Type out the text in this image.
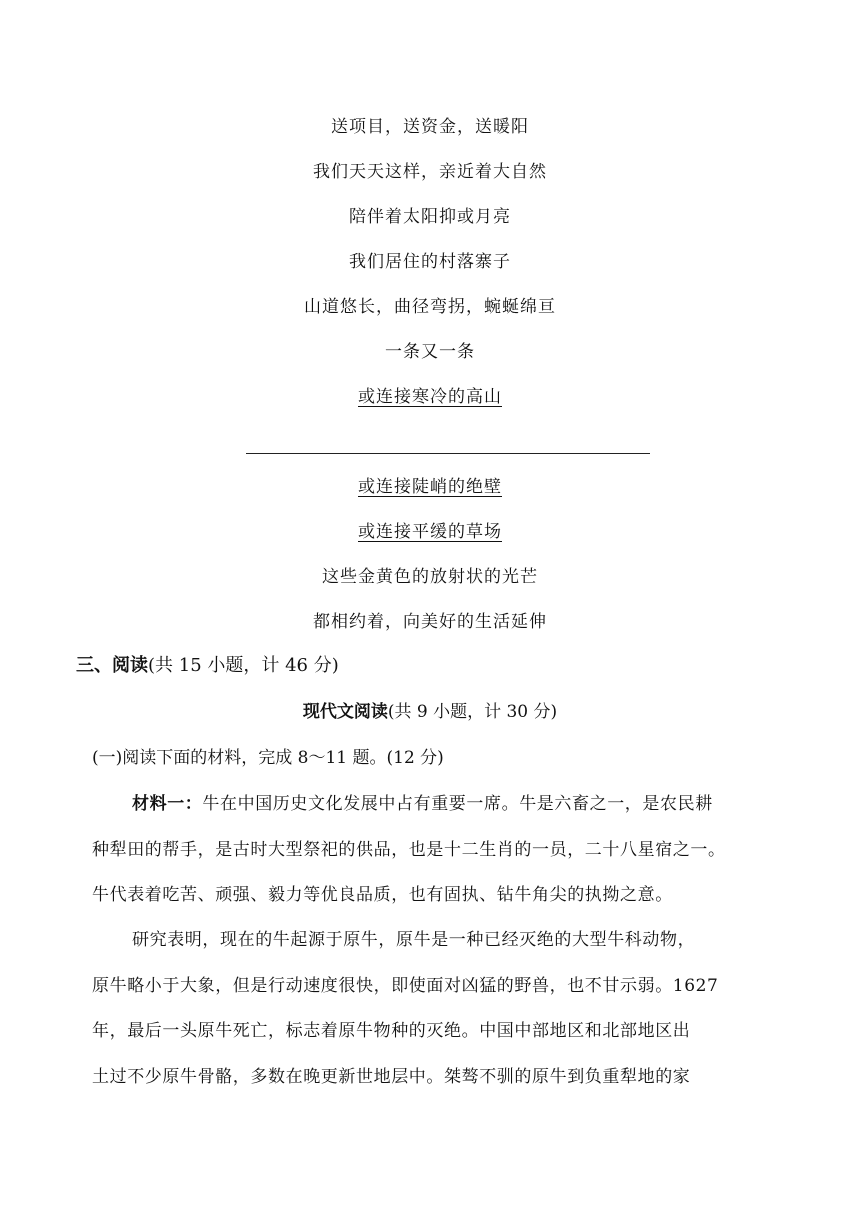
送项目，送资金，送暖阳
我们天天这样，亲近着大自然
陪伴着太阳抑或月亮
我们居住的村落寨子
山道悠长，曲径弯拐，蜿蜒绵亘
一条又一条
或连接寒冷的高山
或连接陡峭的绝壁
或连接平缓的草场
这些金黄色的放射状的光芒
都相约着，向美好的生活延伸
三、阅读(共 15 小题，计 46 分)
现代文阅读(共 9 小题，计 30 分)
(一)阅读下面的材料，完成 8～11 题。(12 分)
材料一：牛在中国历史文化发展中占有重要一席。牛是六畜之一，是农民耕
种犁田的帮手，是古时大型祭祀的供品，也是十二生肖的一员，二十八星宿之一。
牛代表着吃苦、顽强、毅力等优良品质，也有固执、钻牛角尖的执拗之意。
研究表明，现在的牛起源于原牛，原牛是一种已经灭绝的大型牛科动物，
原牛略小于大象，但是行动速度很快，即使面对凶猛的野兽，也不甘示弱。1627
年，最后一头原牛死亡，标志着原牛物种的灭绝。中国中部地区和北部地区出
土过不少原牛骨骼，多数在晚更新世地层中。桀骜不驯的原牛到负重犁地的家
